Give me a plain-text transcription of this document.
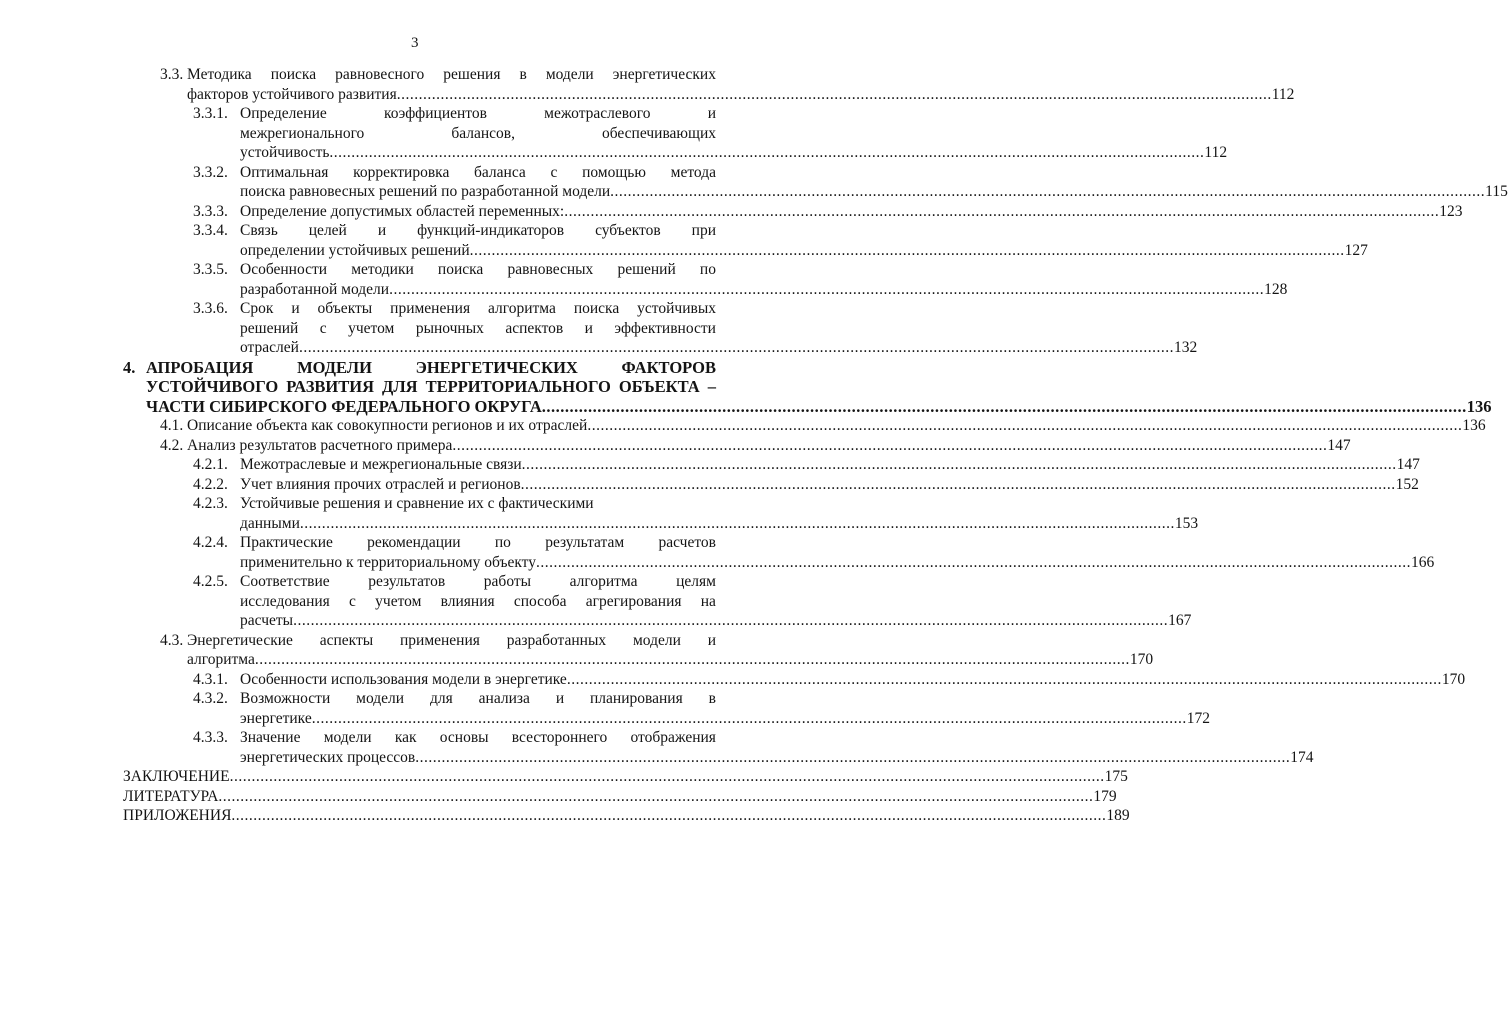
3
3.3. Методика поиска равновесного решения в модели энергетических
факторов устойчивого развития .....	112
3.3.1. Определение	коэффициентов	межотраслевого	и
межрегионального	балансов,	обеспечивающих
устойчивость .....	112
3.3.2. Оптимальная корректировка баланса с помощью метода
поиска равновесных решений по разработанной модели .....	115
3.3.3. Определение допустимых областей переменных: .....	123
3.3.4. Связь целей и функций-индикаторов субъектов при
определении устойчивых решений .....	127
3.3.5. Особенности методики поиска равновесных решений по
разработанной модели .....	128
3.3.6. Срок и объекты применения алгоритма поиска устойчивых
решений с учетом рыночных аспектов и эффективности
отраслей .....	132
4. АПРОБАЦИЯ	МОДЕЛИ	ЭНЕРГЕТИЧЕСКИХ	ФАКТОРОВ
УСТОЙЧИВОГО РАЗВИТИЯ ДЛЯ ТЕРРИТОРИАЛЬНОГО ОБЪЕКТА –
ЧАСТИ СИБИРСКОГО ФЕДЕРАЛЬНОГО ОКРУГА .....	136
4.1. Описание объекта как совокупности регионов и их отраслей .....	136
4.2. Анализ результатов расчетного примера .....	147
4.2.1. Межотраслевые и межрегиональные связи .....	147
4.2.2. Учет влияния прочих отраслей и регионов .....	152
4.2.3. Устойчивые решения и сравнение их с фактическими
данными .....	153
4.2.4. Практические рекомендации по результатам расчетов
применительно к территориальному объекту .....	166
4.2.5. Соответствие результатов работы алгоритма целям
исследования с учетом влияния способа агрегирования на
расчеты .....	167
4.3. Энергетические аспекты применения разработанных модели и
алгоритма .....	170
4.3.1. Особенности использования модели в энергетике .....	170
4.3.2. Возможности модели для анализа и планирования в
энергетике .....	172
4.3.3. Значение модели как основы всестороннего отображения
энергетических процессов .....	174
ЗАКЛЮЧЕНИЕ .....	175
ЛИТЕРАТУРА .....	179
ПРИЛОЖЕНИЯ .....	189
